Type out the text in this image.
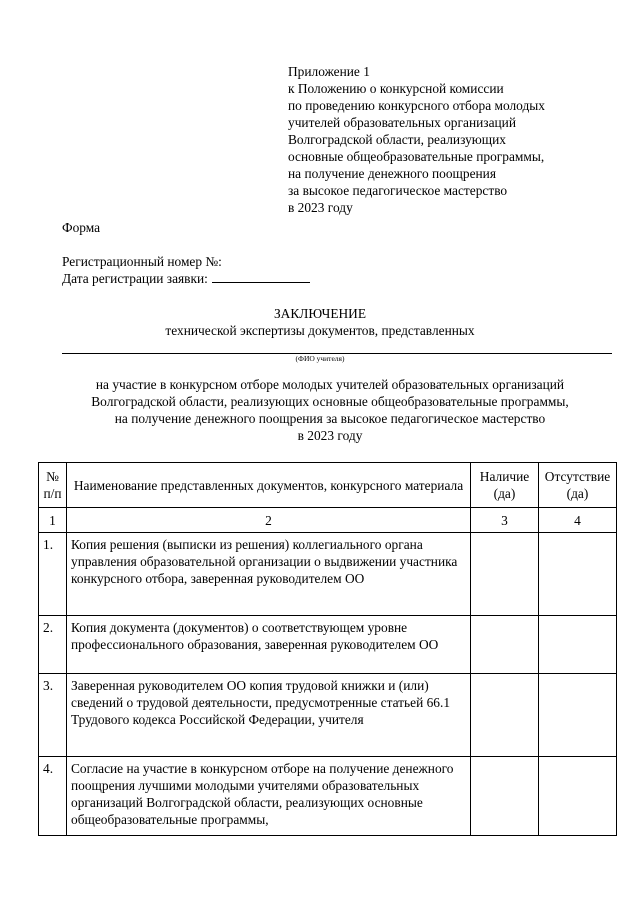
Приложение 1
к Положению о конкурсной комиссии
по проведению конкурсного отбора молодых
учителей образовательных организаций
Волгоградской области, реализующих
основные общеобразовательные программы,
на получение денежного поощрения
за высокое педагогическое мастерство
в 2023 году
Форма
Регистрационный номер №:
Дата регистрации заявки:
ЗАКЛЮЧЕНИЕ
технической экспертизы документов, представленных
(ФИО учителя)
на участие в конкурсном отборе молодых учителей образовательных организаций
Волгоградской области, реализующих основные общеобразовательные программы,
на получение денежного поощрения за высокое педагогическое мастерство
в 2023 году
№ п/п	Наименование представленных документов, конкурсного материала	Наличие (да)	Отсутствие (да)
1	2	3	4
1.	Копия решения (выписки из решения) коллегиального органа управления образовательной организации о выдвижении участника конкурсного отбора, заверенная руководителем ОО		
2.	Копия документа (документов) о соответствующем уровне профессионального образования, заверенная руководителем ОО		
3.	Заверенная руководителем ОО копия трудовой книжки и (или) сведений о трудовой деятельности, предусмотренные статьей 66.1 Трудового кодекса Российской Федерации, учителя		
4.	Согласие на участие в конкурсном отборе на получение денежного поощрения лучшими молодыми учителями образовательных организаций Волгоградской области, реализующих основные общеобразовательные программы,		
